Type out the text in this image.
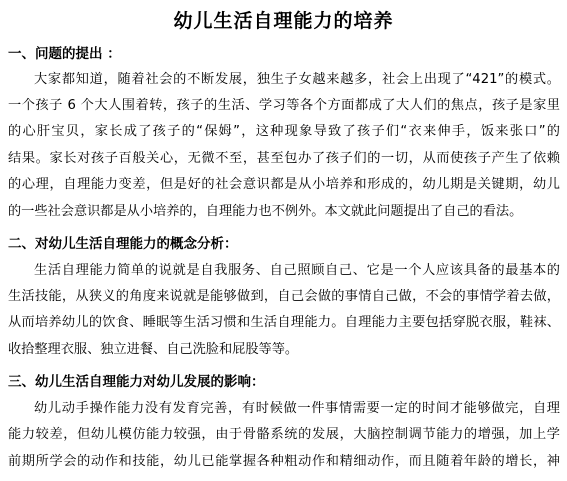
幼儿生活自理能力的培养
一、问题的提出 ：
大家都知道，随着社会的不断发展，独生子女越来越多，社会上出现了“421”的模式。
一个孩子 6 个大人围着转，孩子的生活、学习等各个方面都成了大人们的焦点，孩子是家里
的心肝宝贝，家长成了孩子的“保姆”，这种现象导致了孩子们“衣来伸手，饭来张口”的
结果。家长对孩子百般关心，无微不至，甚至包办了孩子们的一切，从而使孩子产生了依赖
的心理，自理能力变差，但是好的社会意识都是从小培养和形成的，幼儿期是关键期，幼儿
的一些社会意识都是从小培养的，自理能力也不例外。本文就此问题提出了自己的看法。
二、对幼儿生活自理能力的概念分析：
生活自理能力简单的说就是自我服务、自己照顾自己、它是一个人应该具备的最基本的
生活技能，从狭义的角度来说就是能够做到，自己会做的事情自己做，不会的事情学着去做，
从而培养幼儿的饮食、睡眠等生活习惯和生活自理能力。自理能力主要包括穿脱衣服，鞋袜、
收拾整理衣服、独立进餐、自己洗脸和屁股等等。
三、幼儿生活自理能力对幼儿发展的影响：
幼儿动手操作能力没有发育完善，有时候做一件事情需要一定的时间才能够做完，自理
能力较差，但幼儿模仿能力较强，由于骨骼系统的发展，大脑控制调节能力的增强，加上学
前期所学会的动作和技能，幼儿已能掌握各种粗动作和精细动作，而且随着年龄的增长，神
